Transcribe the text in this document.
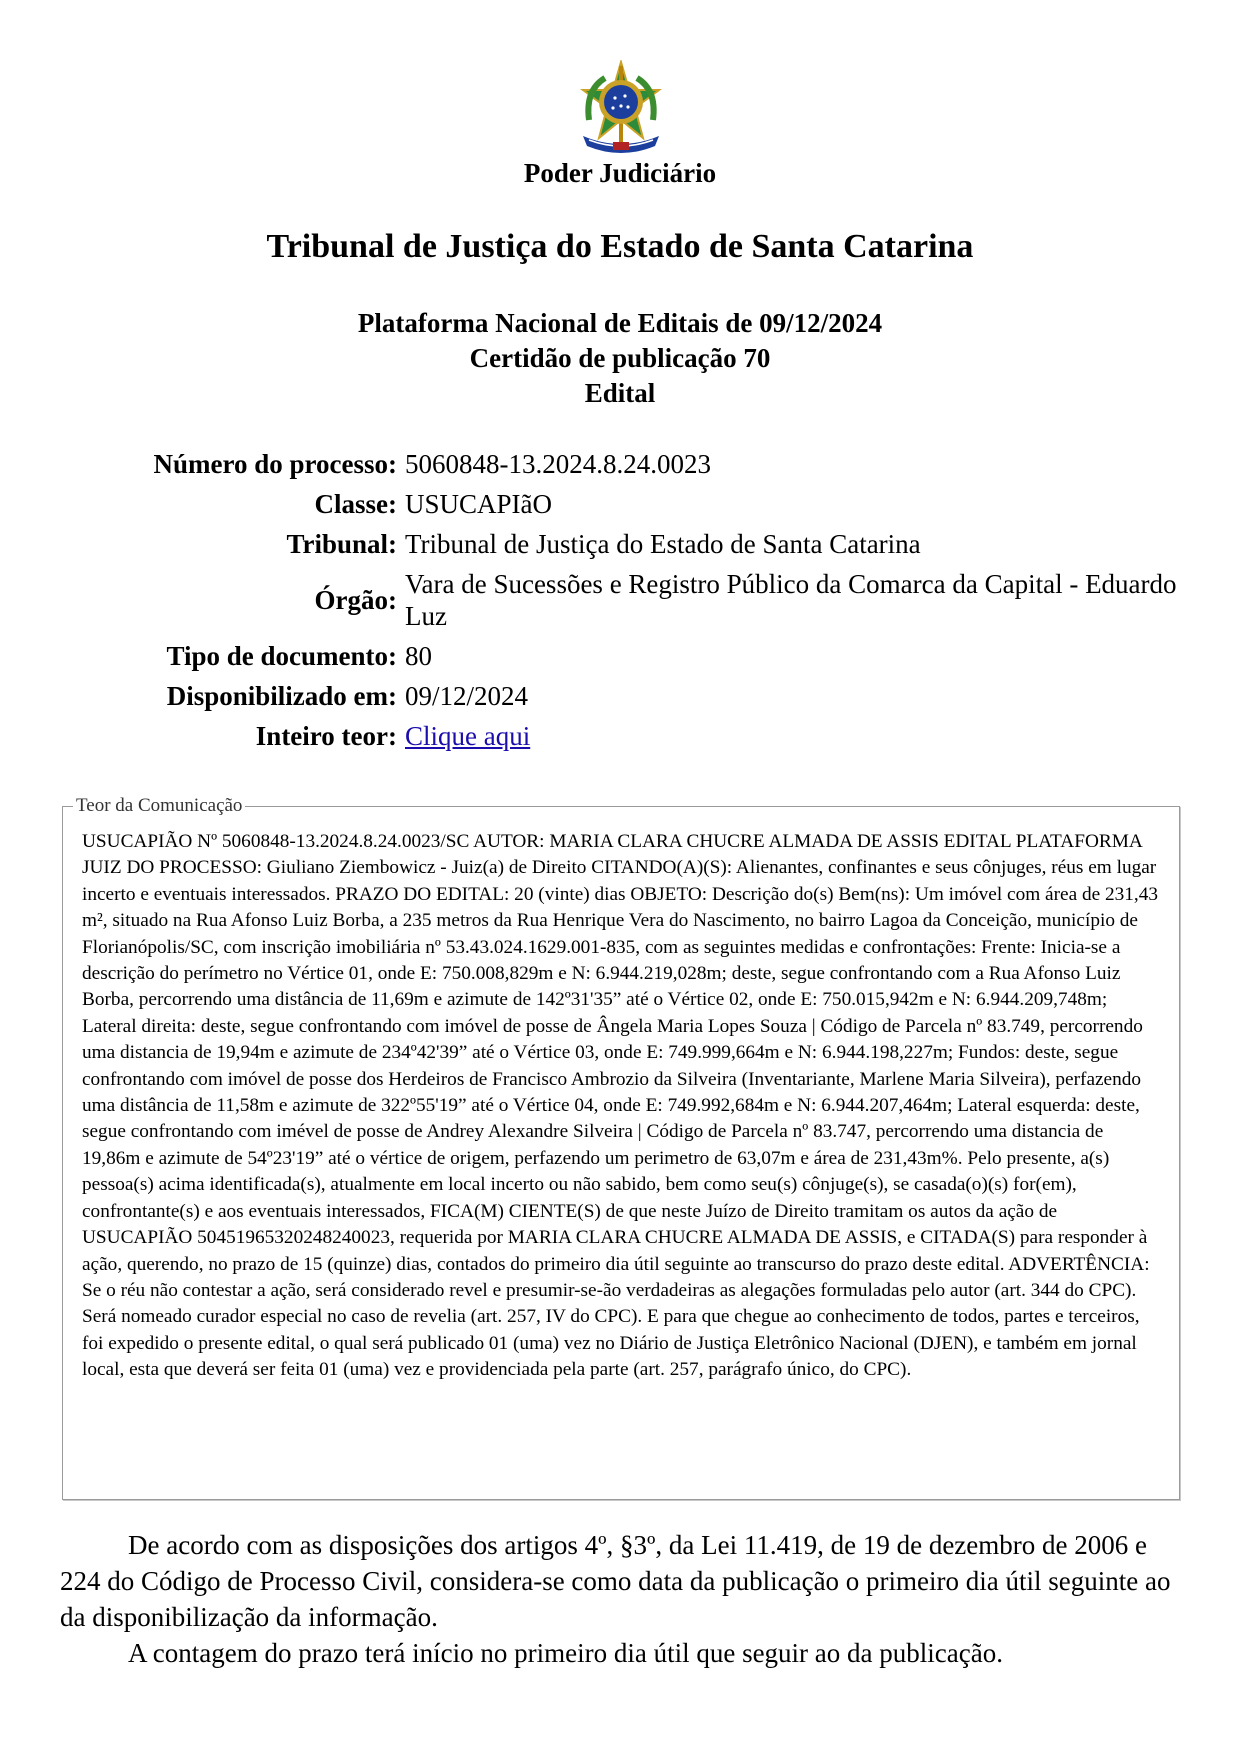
Poder Judiciário
Tribunal de Justiça do Estado de Santa Catarina
Plataforma Nacional de Editais de 09/12/2024
Certidão de publicação 70
Edital
Número do processo: 5060848-13.2024.8.24.0023
Classe: USUCAPIãO
Tribunal: Tribunal de Justiça do Estado de Santa Catarina
Órgão:
Vara de Sucessões e Registro Público da Comarca da Capital - Eduardo Luz
Tipo de documento: 80
Disponibilizado em: 09/12/2024
Inteiro teor: Clique aqui
Teor da Comunicação
USUCAPIÃO Nº 5060848-13.2024.8.24.0023/SC AUTOR: MARIA CLARA CHUCRE ALMADA DE ASSIS EDITAL PLATAFORMA JUIZ DO PROCESSO: Giuliano Ziembowicz - Juiz(a) de Direito CITANDO(A)(S): Alienantes, confinantes e seus cônjuges, réus em lugar incerto e eventuais interessados. PRAZO DO EDITAL: 20 (vinte) dias OBJETO: Descrição do(s) Bem(ns): Um imóvel com área de 231,43 m², situado na Rua Afonso Luiz Borba, a 235 metros da Rua Henrique Vera do Nascimento, no bairro Lagoa da Conceição, município de Florianópolis/SC, com inscrição imobiliária nº 53.43.024.1629.001-835, com as seguintes medidas e confrontações: Frente: Inicia-se a descrição do perímetro no Vértice 01, onde E: 750.008,829m e N: 6.944.219,028m; deste, segue confrontando com a Rua Afonso Luiz Borba, percorrendo uma distância de 11,69m e azimute de 142º31'35” até o Vértice 02, onde E: 750.015,942m e N: 6.944.209,748m; Lateral direita: deste, segue confrontando com imóvel de posse de Ângela Maria Lopes Souza | Código de Parcela nº 83.749, percorrendo uma distancia de 19,94m e azimute de 234º42'39” até o Vértice 03, onde E: 749.999,664m e N: 6.944.198,227m; Fundos: deste, segue confrontando com imóvel de posse dos Herdeiros de Francisco Ambrozio da Silveira (Inventariante, Marlene Maria Silveira), perfazendo uma distância de 11,58m e azimute de 322º55'19” até o Vértice 04, onde E: 749.992,684m e N: 6.944.207,464m; Lateral esquerda: deste, segue confrontando com imével de posse de Andrey Alexandre Silveira | Código de Parcela nº 83.747, percorrendo uma distancia de 19,86m e azimute de 54º23'19” até o vértice de origem, perfazendo um perimetro de 63,07m e área de 231,43m%. Pelo presente, a(s) pessoa(s) acima identificada(s), atualmente em local incerto ou não sabido, bem como seu(s) cônjuge(s), se casada(o)(s) for(em), confrontante(s) e aos eventuais interessados, FICA(M) CIENTE(S) de que neste Juízo de Direito tramitam os autos da ação de USUCAPIÃO 50451965320248240023, requerida por MARIA CLARA CHUCRE ALMADA DE ASSIS, e CITADA(S) para responder à ação, querendo, no prazo de 15 (quinze) dias, contados do primeiro dia útil seguinte ao transcurso do prazo deste edital. ADVERTÊNCIA: Se o réu não contestar a ação, será considerado revel e presumir-se-ão verdadeiras as alegações formuladas pelo autor (art. 344 do CPC). Será nomeado curador especial no caso de revelia (art. 257, IV do CPC). E para que chegue ao conhecimento de todos, partes e terceiros, foi expedido o presente edital, o qual será publicado 01 (uma) vez no Diário de Justiça Eletrônico Nacional (DJEN), e também em jornal local, esta que deverá ser feita 01 (uma) vez e providenciada pela parte (art. 257, parágrafo único, do CPC).

De acordo com as disposições dos artigos 4º, §3º, da Lei 11.419, de 19 de dezembro de 2006 e 224 do Código de Processo Civil, considera-se como data da publicação o primeiro dia útil seguinte ao da disponibilização da informação.

A contagem do prazo terá início no primeiro dia útil que seguir ao da publicação.
